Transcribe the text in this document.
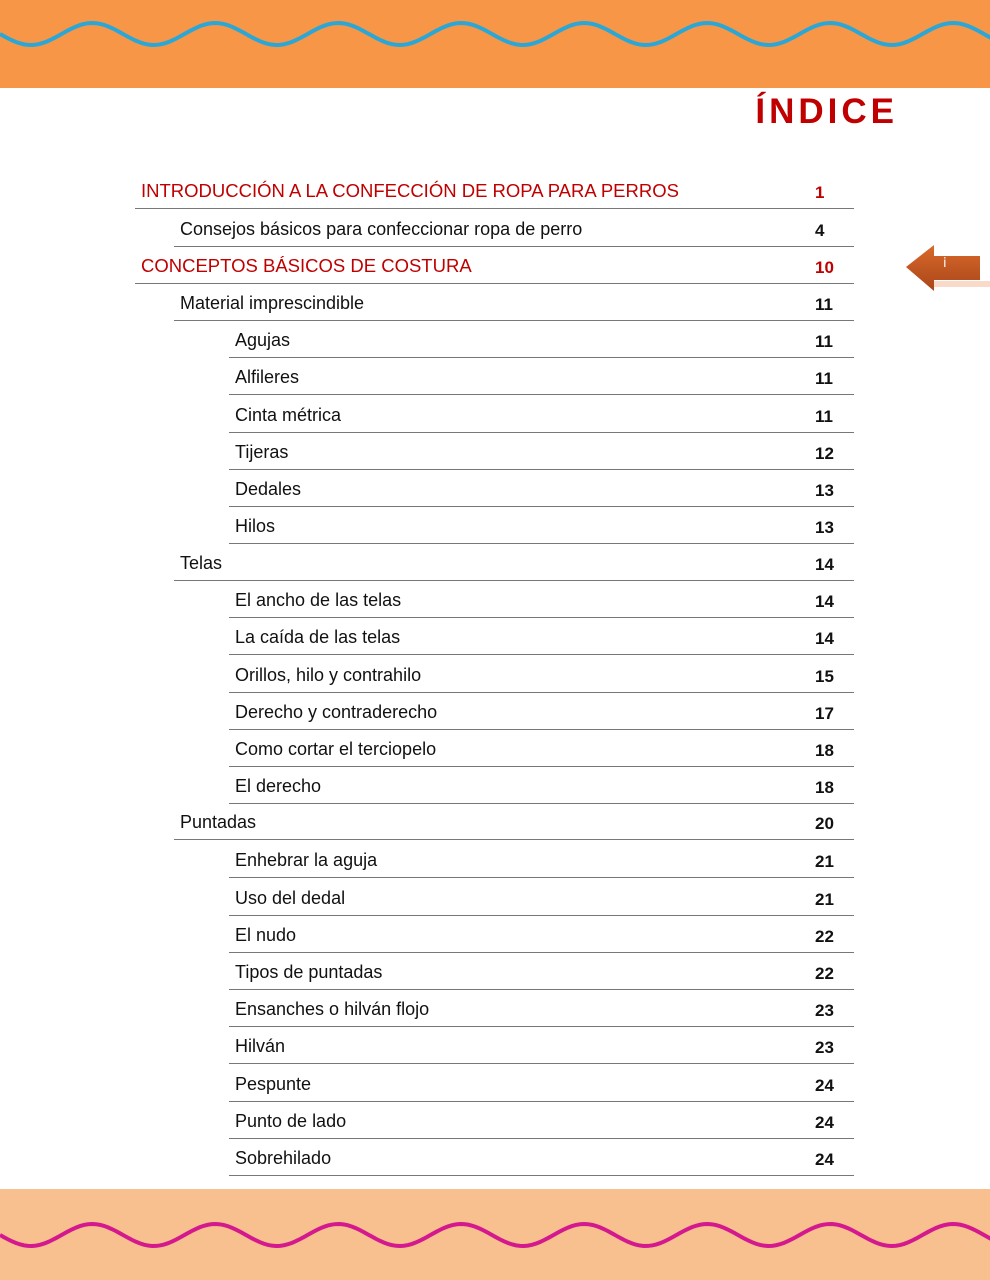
ÍNDICE
i
INTRODUCCIÓN A LA CONFECCIÓN DE ROPA PARA PERROS	1
Consejos básicos para confeccionar ropa de perro	4
CONCEPTOS BÁSICOS DE COSTURA	10
Material imprescindible	11
Agujas	11
Alfileres	11
Cinta métrica	11
Tijeras	12
Dedales	13
Hilos	13
Telas	14
El ancho de las telas	14
La caída de las telas	14
Orillos, hilo y contrahilo	15
Derecho y contraderecho	17
Como cortar el terciopelo	18
El derecho	18
Puntadas	20
Enhebrar la aguja	21
Uso del dedal	21
El nudo	22
Tipos de puntadas	22
Ensanches o hilván flojo	23
Hilván	23
Pespunte	24
Punto de lado	24
Sobrehilado	24
